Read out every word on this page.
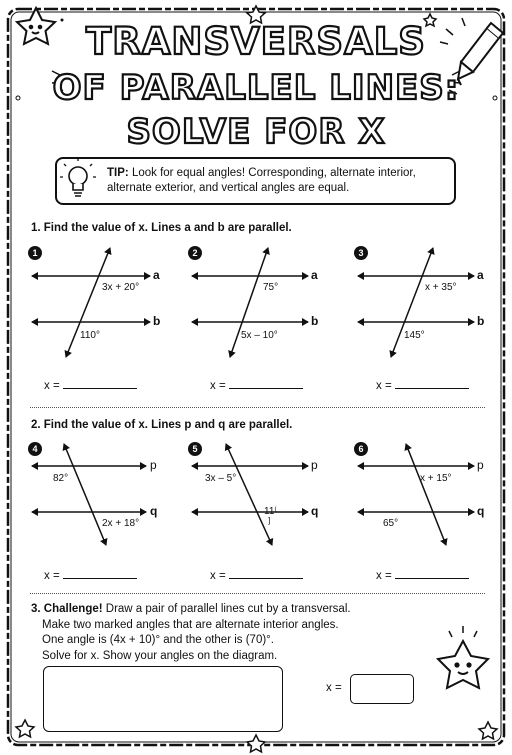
TRANSVERSALS
OF PARALLEL LINES:
SOLVE FOR X
TIP: Look for equal angles! Corresponding, alternate interior, alternate exterior, and vertical angles are equal.
1. Find the value of x. Lines a and b are parallel.
1
a
b
3x + 20°
110°
x =
2
a
b
75°
5x – 10°
x =
3
a
b
x + 35°
145°
x =
2. Find the value of x. Lines p and q are parallel.
4
p
q
82°
2x + 18°
x =
5
p
q
3x – 5°
11⁽
]
x =
6
p
q
x + 15°
65°
x =
3. Challenge! Draw a pair of parallel lines cut by a transversal.
Make two marked angles that are alternate interior angles.
One angle is (4x + 10)° and the other is (70)°.
Solve for x. Show your angles on the diagram.
x =
